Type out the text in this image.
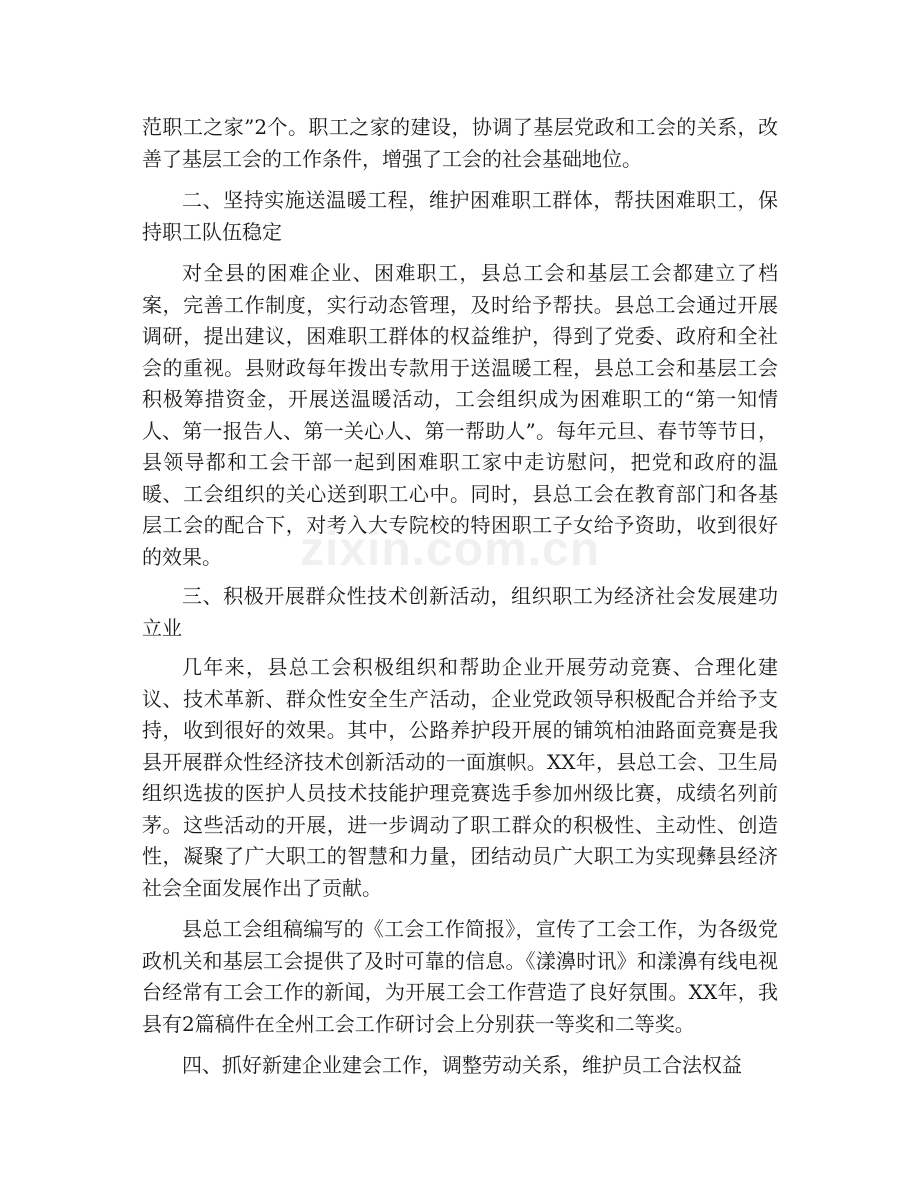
范职工之家”2个。职工之家的建设，协调了基层党政和工会的关系，改善了基层工会的工作条件，增强了工会的社会基础地位。

二、坚持实施送温暖工程，维护困难职工群体，帮扶困难职工，保持职工队伍稳定

对全县的困难企业、困难职工，县总工会和基层工会都建立了档案，完善工作制度，实行动态管理，及时给予帮扶。县总工会通过开展调研，提出建议，困难职工群体的权益维护，得到了党委、政府和全社会的重视。县财政每年拨出专款用于送温暖工程，县总工会和基层工会积极筹措资金，开展送温暖活动，工会组织成为困难职工的“第一知情人、第一报告人、第一关心人、第一帮助人”。每年元旦、春节等节日，县领导都和工会干部一起到困难职工家中走访慰问，把党和政府的温暖、工会组织的关心送到职工心中。同时，县总工会在教育部门和各基层工会的配合下，对考入大专院校的特困职工子女给予资助，收到很好的效果。

三、积极开展群众性技术创新活动，组织职工为经济社会发展建功立业

几年来，县总工会积极组织和帮助企业开展劳动竞赛、合理化建议、技术革新、群众性安全生产活动，企业党政领导积极配合并给予支持，收到很好的效果。其中，公路养护段开展的铺筑柏油路面竞赛是我县开展群众性经济技术创新活动的一面旗帜。XX年，县总工会、卫生局组织选拔的医护人员技术技能护理竞赛选手参加州级比赛，成绩名列前茅。这些活动的开展，进一步调动了职工群众的积极性、主动性、创造性，凝聚了广大职工的智慧和力量，团结动员广大职工为实现彝县经济社会全面发展作出了贡献。

县总工会组稿编写的《工会工作简报》，宣传了工会工作，为各级党政机关和基层工会提供了及时可靠的信息。《漾濞时讯》和漾濞有线电视台经常有工会工作的新闻，为开展工会工作营造了良好氛围。XX年，我县有2篇稿件在全州工会工作研讨会上分别获一等奖和二等奖。

四、抓好新建企业建会工作，调整劳动关系，维护员工合法权益

zixin.com.cn
